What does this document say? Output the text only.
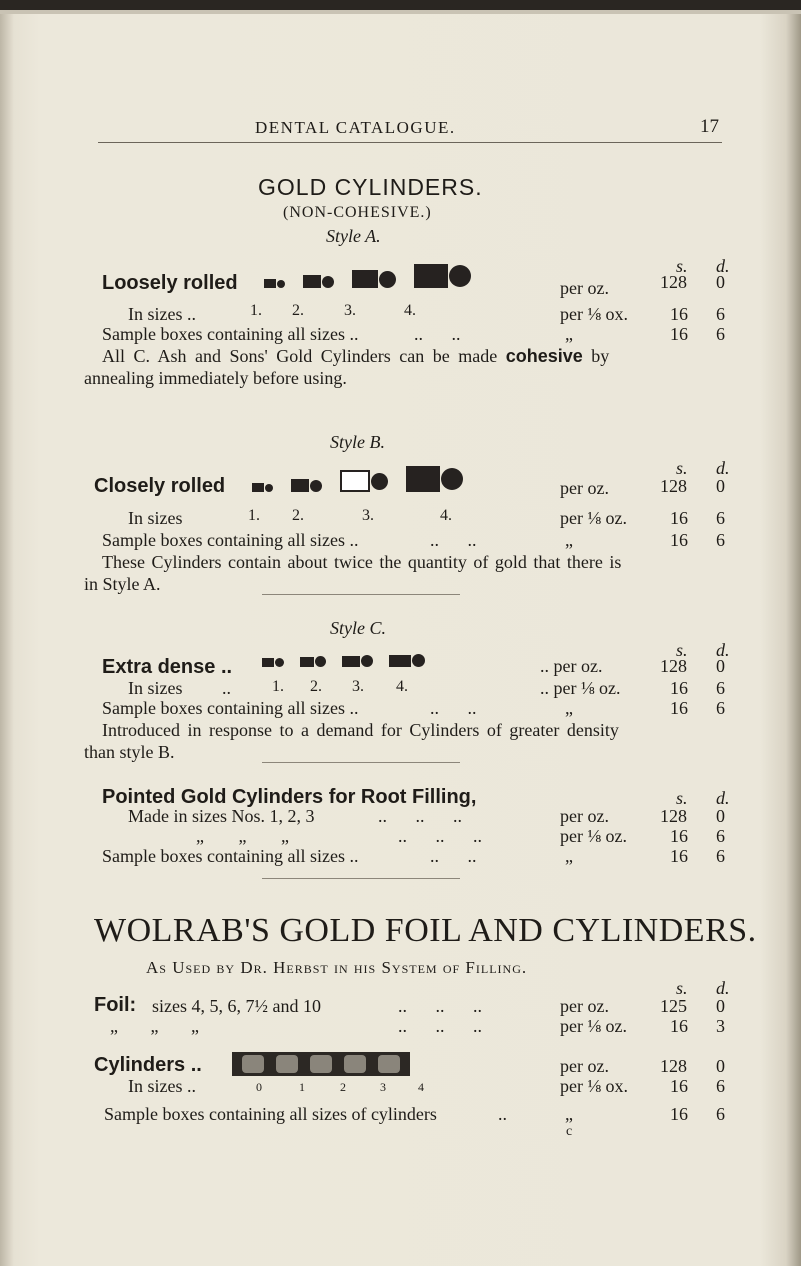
DENTAL CATALOGUE.	17
GOLD CYLINDERS.
(NON-COHESIVE.)
Style A.
s. d.
Loosely rolled	per oz.	128 0
In sizes ..	1. 2.	3.	4.	per ⅛ ox. 16 6
Sample boxes containing all sizes ..	.. ..	„	16 6
All C. Ash and Sons' Gold Cylinders can be made cohesive by
annealing immediately before using.
Style B.
s. d.
Closely rolled	per oz.	128 0
In sizes	1. 2.	3.	4.	per ⅛ oz. 16 6
Sample boxes containing all sizes ..	.. ..	„	16 6
These Cylinders contain about twice the quantity of gold that there is
in Style A.
Style C.
s. d.
Extra dense ..	.. per oz.	128 0
In sizes ..	1. 2. 3. 4.	.. per ⅛ oz.	16 6
Sample boxes containing all sizes ..	.. ..	„	16 6
Introduced in response to a demand for Cylinders of greater density
than style B.
s. d.
Pointed Gold Cylinders for Root Filling,
Made in sizes Nos. 1, 2, 3	.. .. ..	per oz.	128 0
„ „ „	.. .. ..	per ⅛ oz. 16 6
Sample boxes containing all sizes ..	.. ..	„	16 6
WOLRAB'S GOLD FOIL AND CYLINDERS.
As Used by Dr. Herbst in his System of Filling.
s. d.
Foil: sizes 4, 5, 6, 7½ and 10	.. .. ..	per oz.	125 0
„ „ „	.. .. ..	per ⅛ oz. 16 3
Cylinders ..	per oz.	128 0
In sizes ..	0	1	2	3	4	per ⅛ ox. 16 6
Sample boxes containing all sizes of cylinders	..	„	16 6
c
